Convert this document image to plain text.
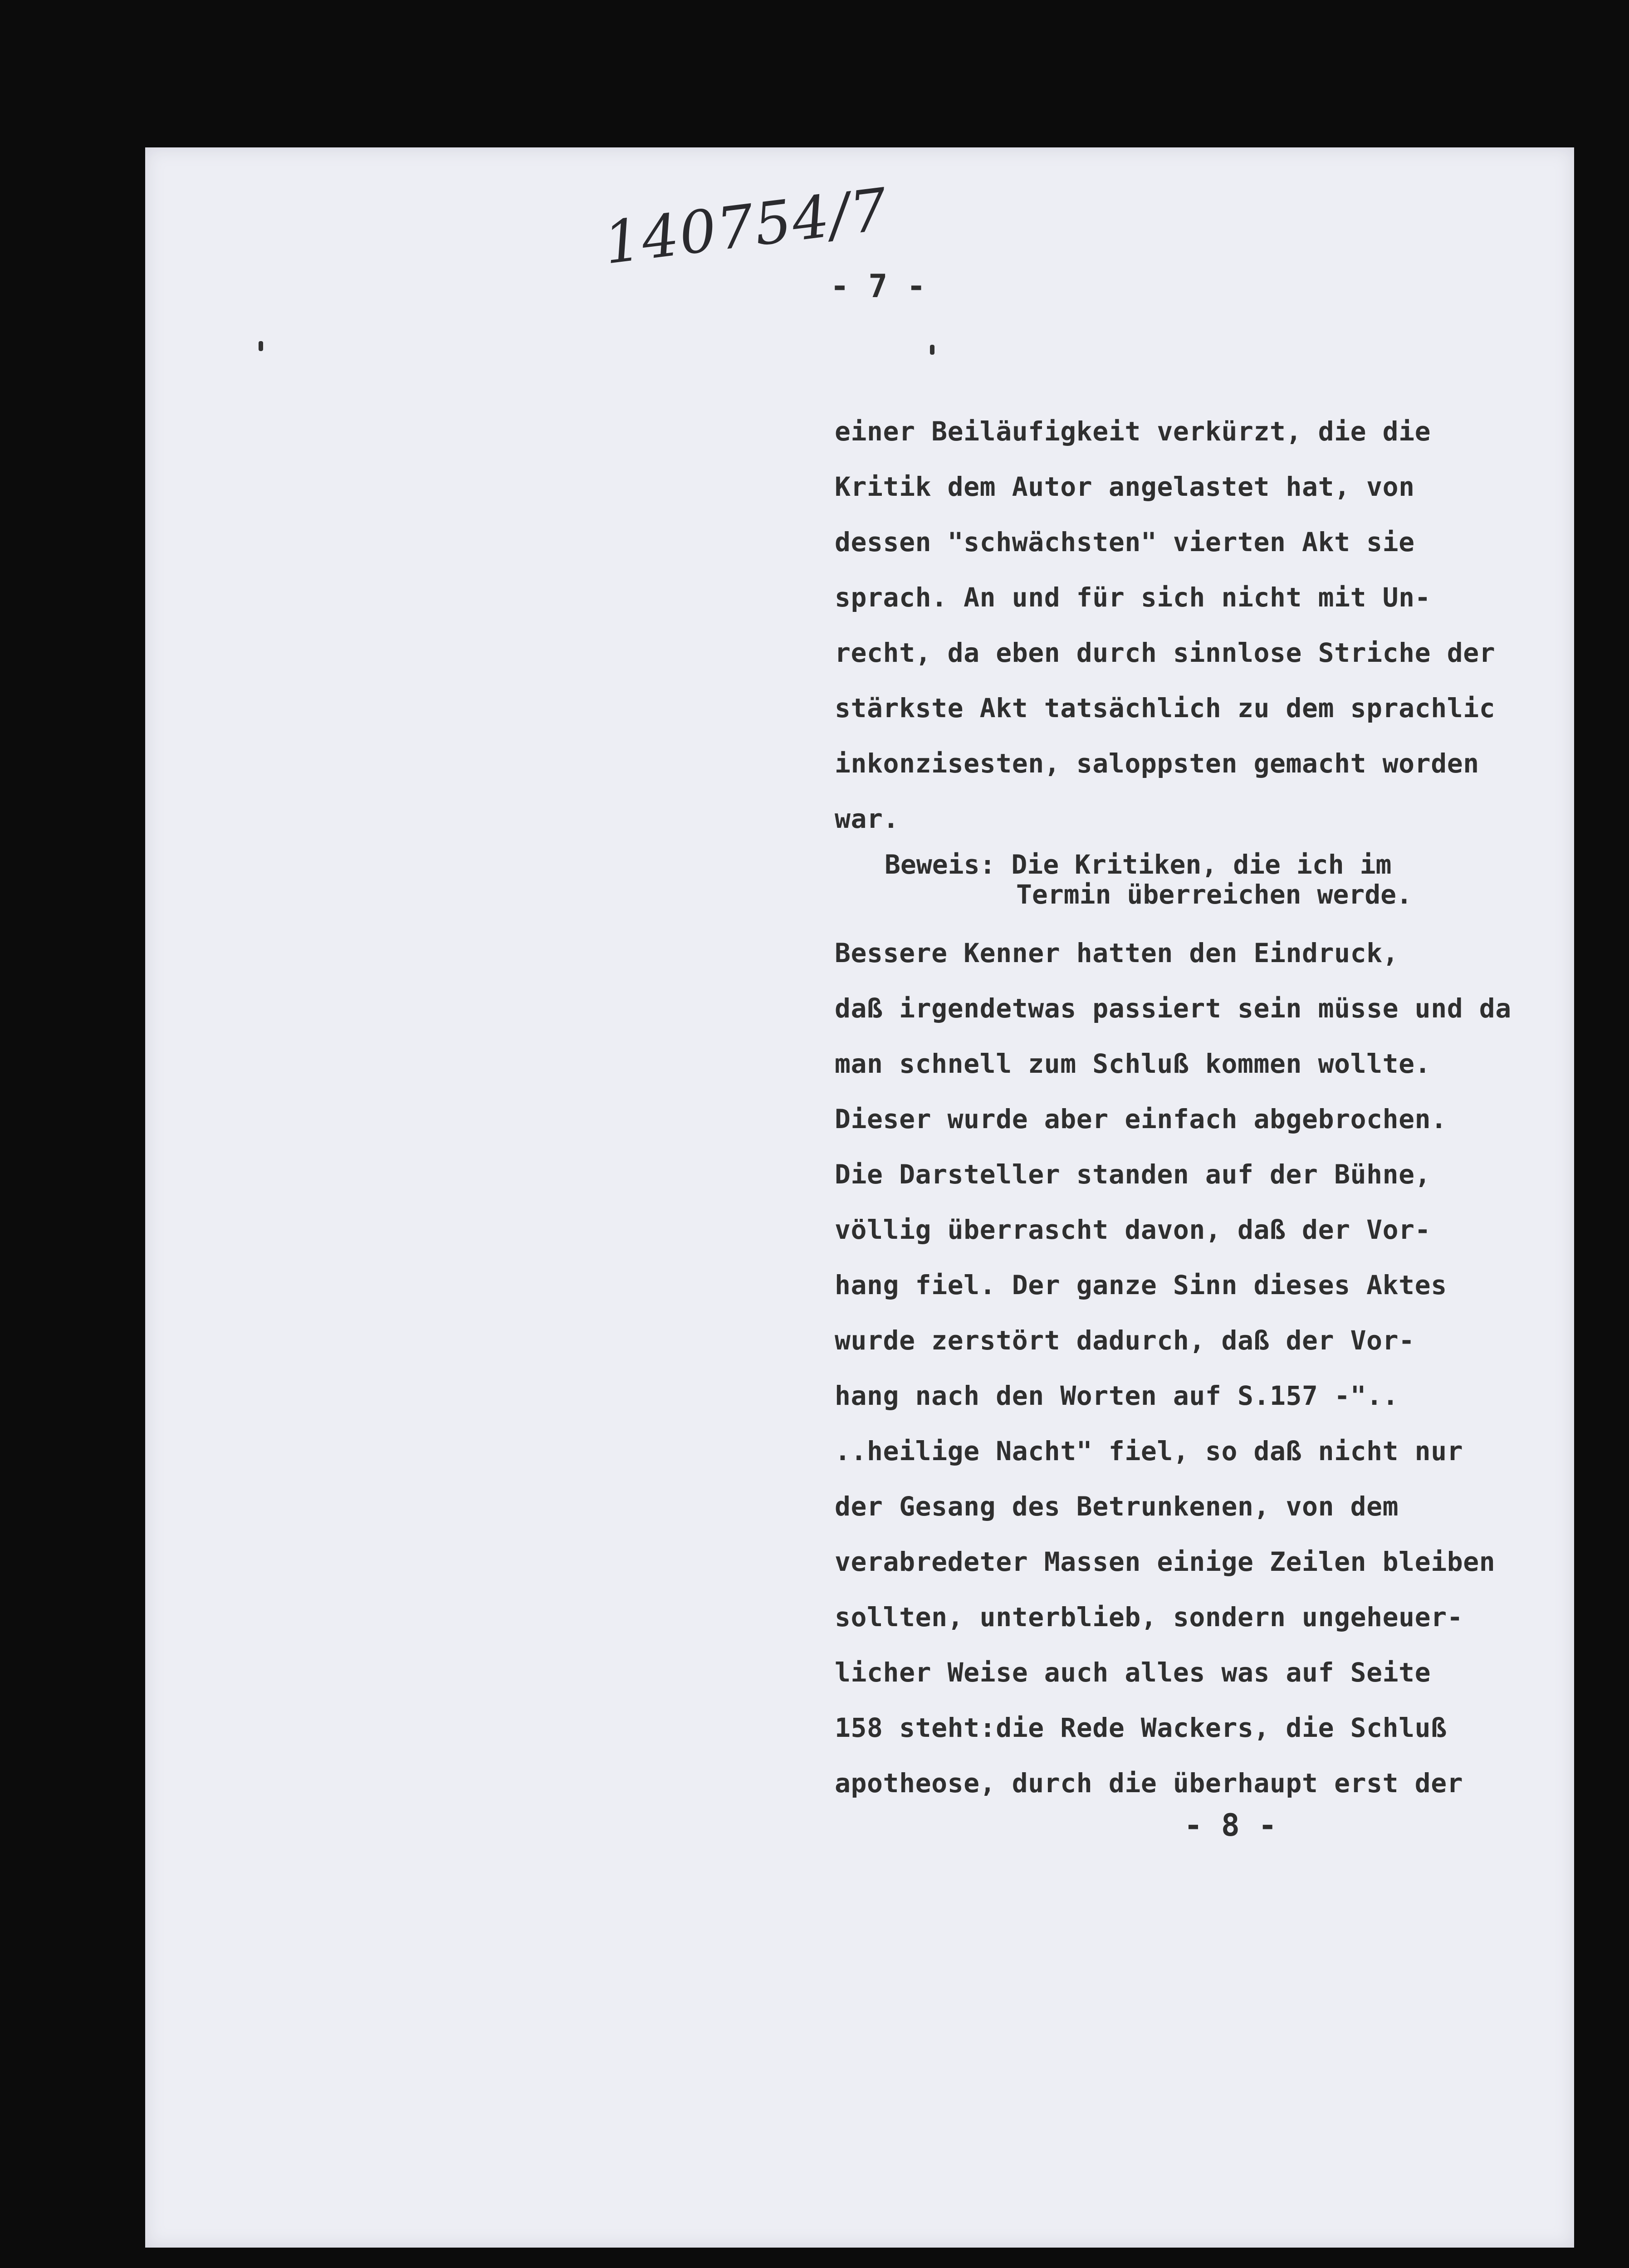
140754/7
- 7 -
einer Beiläufigkeit verkürzt, die die
Kritik dem Autor angelastet hat, von
dessen "schwächsten" vierten Akt sie
sprach. An und für sich nicht mit Un-
recht, da eben durch sinnlose Striche der
stärkste Akt tatsächlich zu dem sprachlic
inkonzisesten, saloppsten gemacht worden
war.
Beweis: Die Kritiken, die ich im
Termin überreichen werde.
Bessere Kenner hatten den Eindruck,
daß irgendetwas passiert sein müsse und da
man schnell zum Schluß kommen wollte.
Dieser wurde aber einfach abgebrochen.
Die Darsteller standen auf der Bühne,
völlig überrascht davon, daß der Vor-
hang fiel. Der ganze Sinn dieses Aktes
wurde zerstört dadurch, daß der Vor-
hang nach den Worten auf S.157 -"..
..heilige Nacht" fiel, so daß nicht nur
der Gesang des Betrunkenen, von dem
verabredeter Massen einige Zeilen bleiben
sollten, unterblieb, sondern ungeheuer-
licher Weise auch alles was auf Seite
158 steht:die Rede Wackers, die Schluß
apotheose, durch die überhaupt erst der
- 8 -
